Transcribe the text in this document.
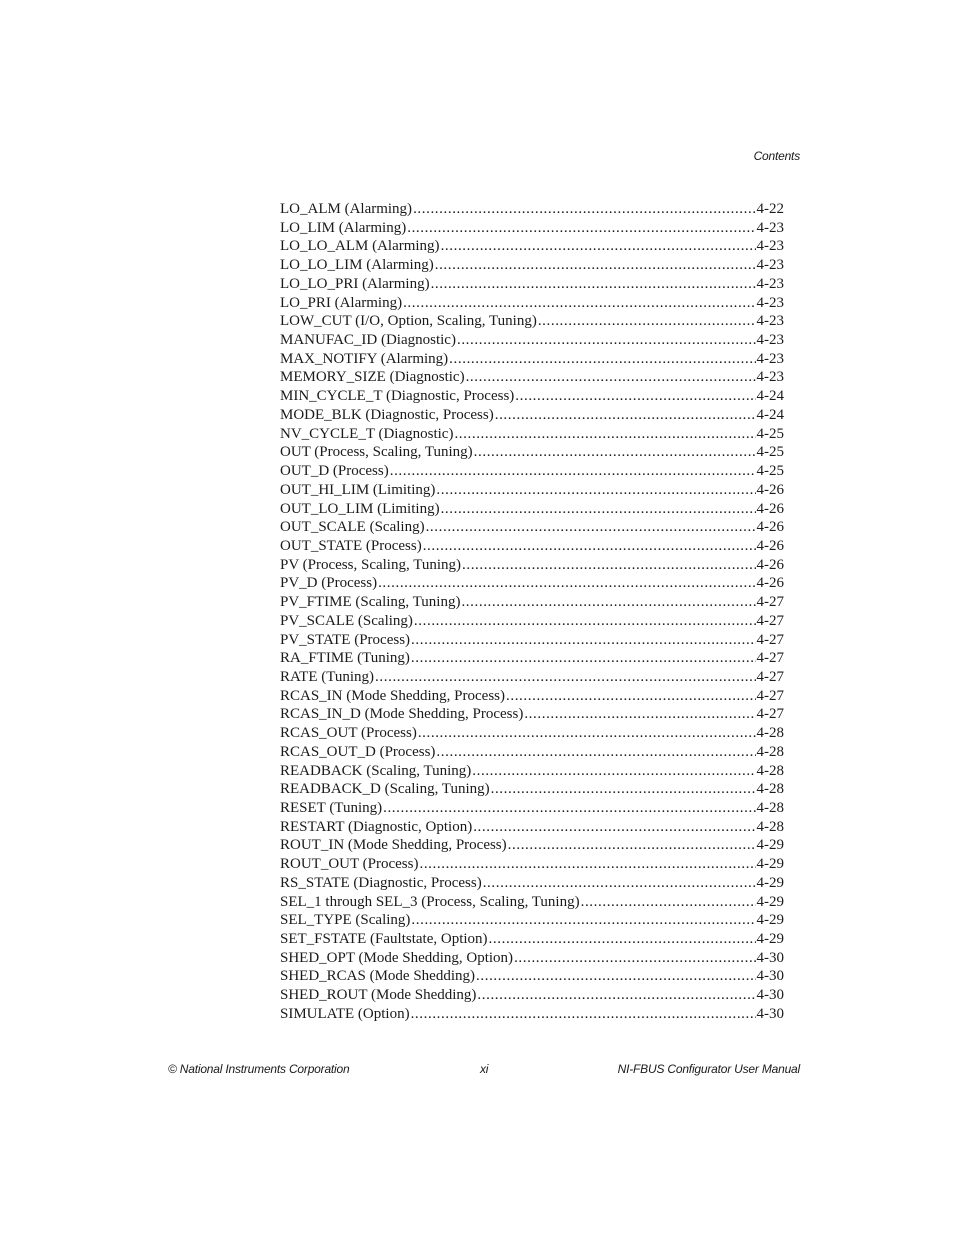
Contents
LO_ALM (Alarming) .....	4-22
LO_LIM (Alarming) .....	4-23
LO_LO_ALM (Alarming) .....	4-23
LO_LO_LIM (Alarming) .....	4-23
LO_LO_PRI (Alarming) .....	4-23
LO_PRI (Alarming) .....	4-23
LOW_CUT (I/O, Option, Scaling, Tuning) .....	4-23
MANUFAC_ID (Diagnostic) .....	4-23
MAX_NOTIFY (Alarming) .....	4-23
MEMORY_SIZE (Diagnostic) .....	4-23
MIN_CYCLE_T (Diagnostic, Process) .....	4-24
MODE_BLK (Diagnostic, Process) .....	4-24
NV_CYCLE_T (Diagnostic) .....	4-25
OUT (Process, Scaling, Tuning) .....	4-25
OUT_D (Process) .....	4-25
OUT_HI_LIM (Limiting) .....	4-26
OUT_LO_LIM (Limiting) .....	4-26
OUT_SCALE (Scaling) .....	4-26
OUT_STATE (Process) .....	4-26
PV (Process, Scaling, Tuning) .....	4-26
PV_D (Process) .....	4-26
PV_FTIME (Scaling, Tuning) .....	4-27
PV_SCALE (Scaling) .....	4-27
PV_STATE (Process) .....	4-27
RA_FTIME (Tuning) .....	4-27
RATE (Tuning) .....	4-27
RCAS_IN (Mode Shedding, Process) .....	4-27
RCAS_IN_D (Mode Shedding, Process) .....	4-27
RCAS_OUT (Process) .....	4-28
RCAS_OUT_D (Process) .....	4-28
READBACK (Scaling, Tuning) .....	4-28
READBACK_D (Scaling, Tuning) .....	4-28
RESET (Tuning) .....	4-28
RESTART (Diagnostic, Option) .....	4-28
ROUT_IN (Mode Shedding, Process) .....	4-29
ROUT_OUT (Process) .....	4-29
RS_STATE (Diagnostic, Process) .....	4-29
SEL_1 through SEL_3 (Process, Scaling, Tuning) .....	4-29
SEL_TYPE (Scaling) .....	4-29
SET_FSTATE (Faultstate, Option) .....	4-29
SHED_OPT (Mode Shedding, Option) .....	4-30
SHED_RCAS (Mode Shedding) .....	4-30
SHED_ROUT (Mode Shedding) .....	4-30
SIMULATE (Option) .....	4-30
© National Instruments Corporation	xi	NI-FBUS Configurator User Manual
